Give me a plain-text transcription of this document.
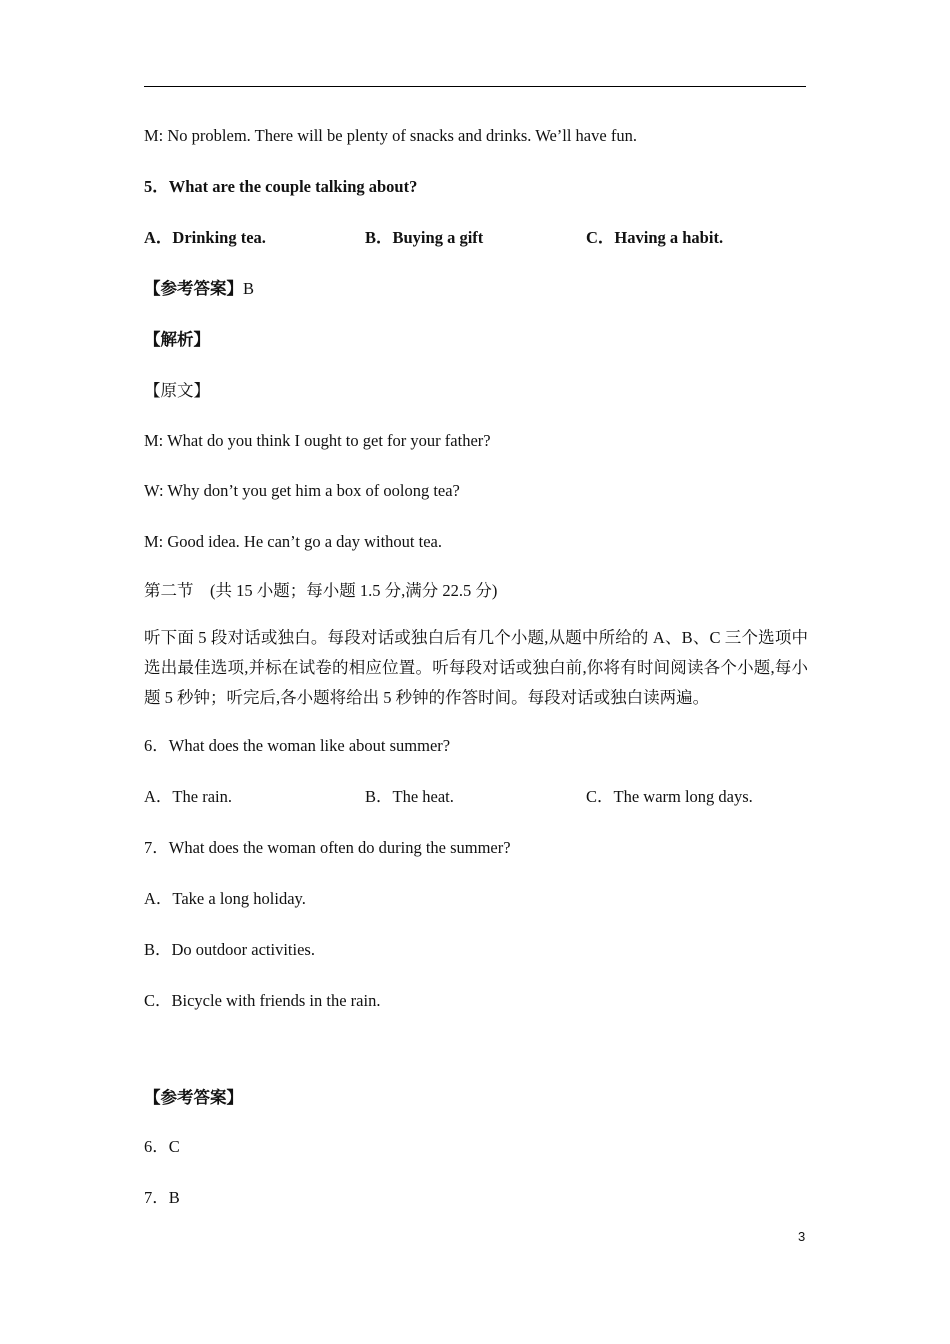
M: No problem. There will be plenty of snacks and drinks. We’ll have fun.
5．What are the couple talking about?
A．Drinking tea.	B．Buying a gift	C．Having a habit.
【参考答案】B
【解析】
【原文】
M: What do you think I ought to get for your father?
W: Why don’t you get him a box of oolong tea?
M: Good idea. He can’t go a day without tea.
第二节　(共 15 小题；每小题 1.5 分,满分 22.5 分)
听下面 5 段对话或独白。每段对话或独白后有几个小题,从题中所给的 A、B、C 三个选项中选出最佳选项,并标在试卷的相应位置。听每段对话或独白前,你将有时间阅读各个小题,每小题 5 秒钟；听完后,各小题将给出 5 秒钟的作答时间。每段对话或独白读两遍。
6．What does the woman like about summer?
A．The rain.	B．The heat.	C．The warm long days.
7．What does the woman often do during the summer?
A．Take a long holiday.
B．Do outdoor activities.
C．Bicycle with friends in the rain.
【参考答案】
6．C
7．B
3
